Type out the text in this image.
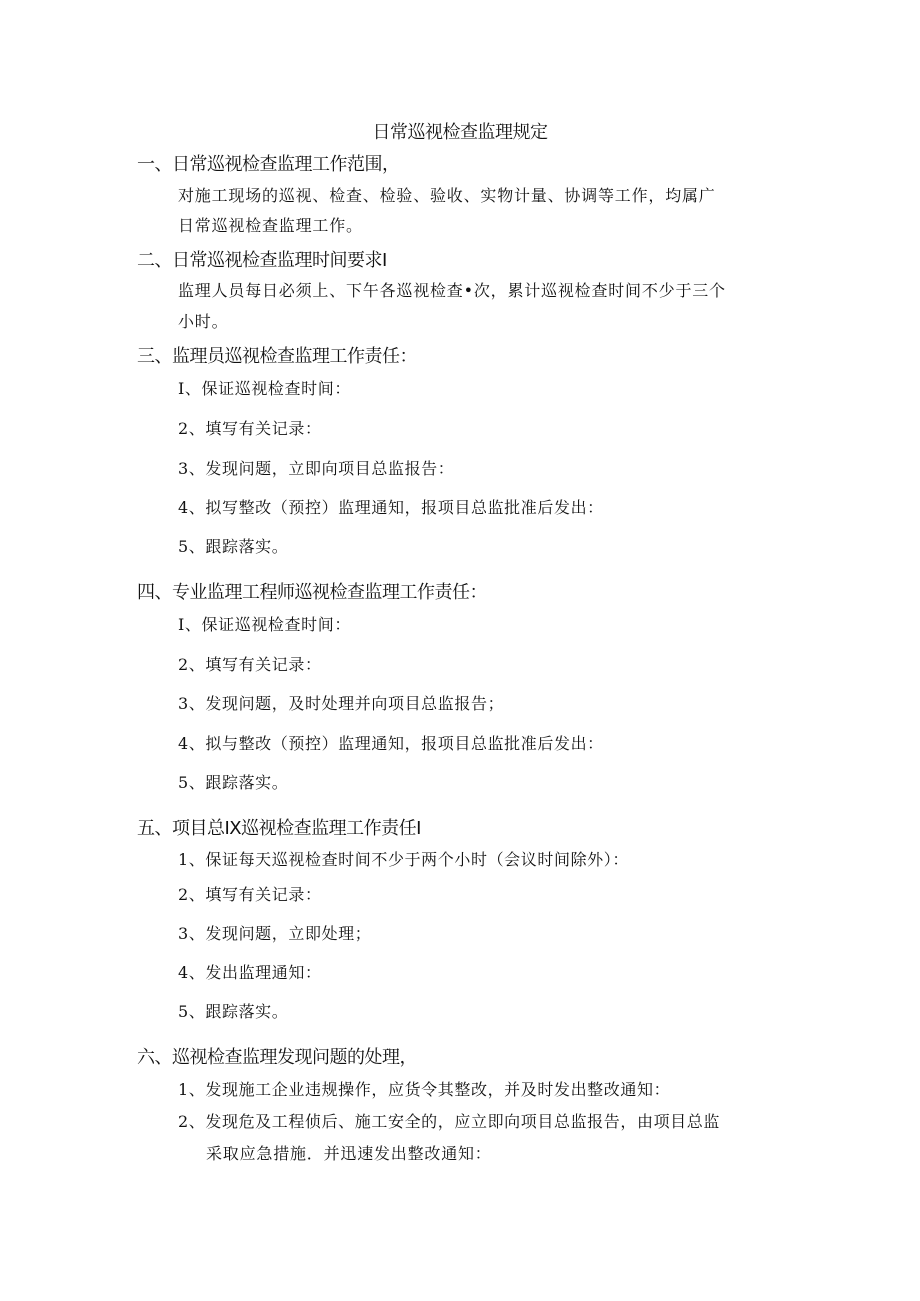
日常巡视检查监理规定
一、日常巡视检查监理工作范围，
对施工现场的巡视、检查、检验、验收、实物计量、协调等工作，均属广
日常巡视检查监理工作。
二、日常巡视检查监理时间要求I
监理人员每日必须上、下午各巡视检查•次，累计巡视检查时间不少于三个
小时。
三、监理员巡视检查监理工作责任：
I、保证巡视检查时间：
2、填写有关记录：
3、发现问题，立即向项目总监报告：
4、拟写整改（预控）监理通知，报项目总监批准后发出：
5、跟踪落实。
四、专业监理工程师巡视检查监理工作责任：
I、保证巡视检查时间：
2、填写有关记录：
3、发现问题，及时处理并向项目总监报告；
4、拟与整改（预控）监理通知，报项目总监批准后发出：
5、跟踪落实。
五、项目总IX巡视检查监理工作责任I
1、保证每天巡视检查时间不少于两个小时（会议时间除外）：
2、填写有关记录：
3、发现问题，立即处理；
4、发出监理通知：
5、跟踪落实。
六、巡视检查监理发现问题的处理，
1、发现施工企业违规操作，应货令其整改，并及时发出整改通知：
2、发现危及工程侦后、施工安全的，应立即向项目总监报告，由项目总监
采取应急措施．并迅速发出整改通知：
